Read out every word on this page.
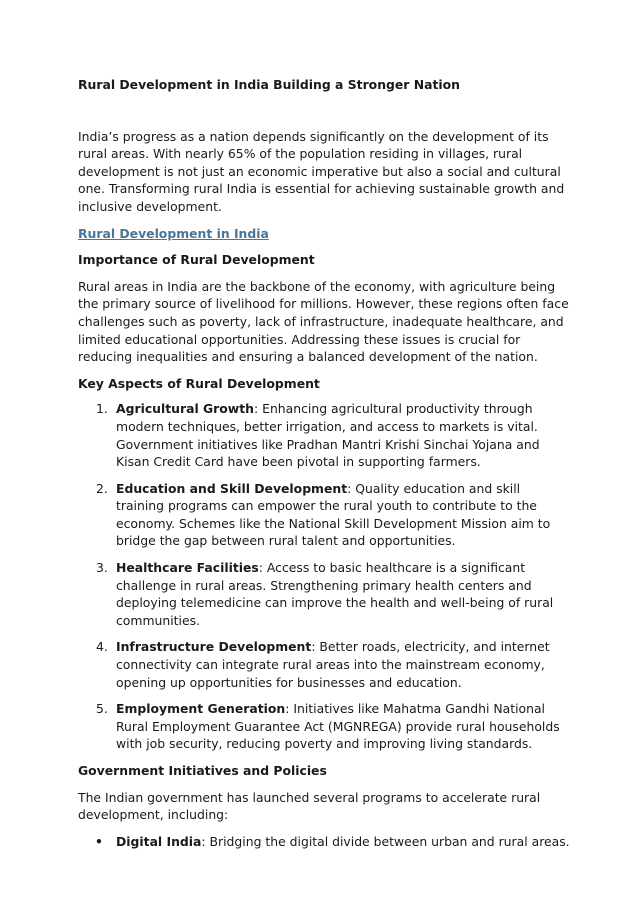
Rural Development in India Building a Stronger Nation

India’s progress as a nation depends significantly on the development of its rural areas. With nearly 65% of the population residing in villages, rural development is not just an economic imperative but also a social and cultural one. Transforming rural India is essential for achieving sustainable growth and inclusive development.

Rural Development in India

Importance of Rural Development

Rural areas in India are the backbone of the economy, with agriculture being the primary source of livelihood for millions. However, these regions often face challenges such as poverty, lack of infrastructure, inadequate healthcare, and limited educational opportunities. Addressing these issues is crucial for reducing inequalities and ensuring a balanced development of the nation.

Key Aspects of Rural Development

1. Agricultural Growth: Enhancing agricultural productivity through modern techniques, better irrigation, and access to markets is vital. Government initiatives like Pradhan Mantri Krishi Sinchai Yojana and Kisan Credit Card have been pivotal in supporting farmers.
2. Education and Skill Development: Quality education and skill training programs can empower the rural youth to contribute to the economy. Schemes like the National Skill Development Mission aim to bridge the gap between rural talent and opportunities.
3. Healthcare Facilities: Access to basic healthcare is a significant challenge in rural areas. Strengthening primary health centers and deploying telemedicine can improve the health and well-being of rural communities.
4. Infrastructure Development: Better roads, electricity, and internet connectivity can integrate rural areas into the mainstream economy, opening up opportunities for businesses and education.
5. Employment Generation: Initiatives like Mahatma Gandhi National Rural Employment Guarantee Act (MGNREGA) provide rural households with job security, reducing poverty and improving living standards.

Government Initiatives and Policies

The Indian government has launched several programs to accelerate rural development, including:

• Digital India: Bridging the digital divide between urban and rural areas.
